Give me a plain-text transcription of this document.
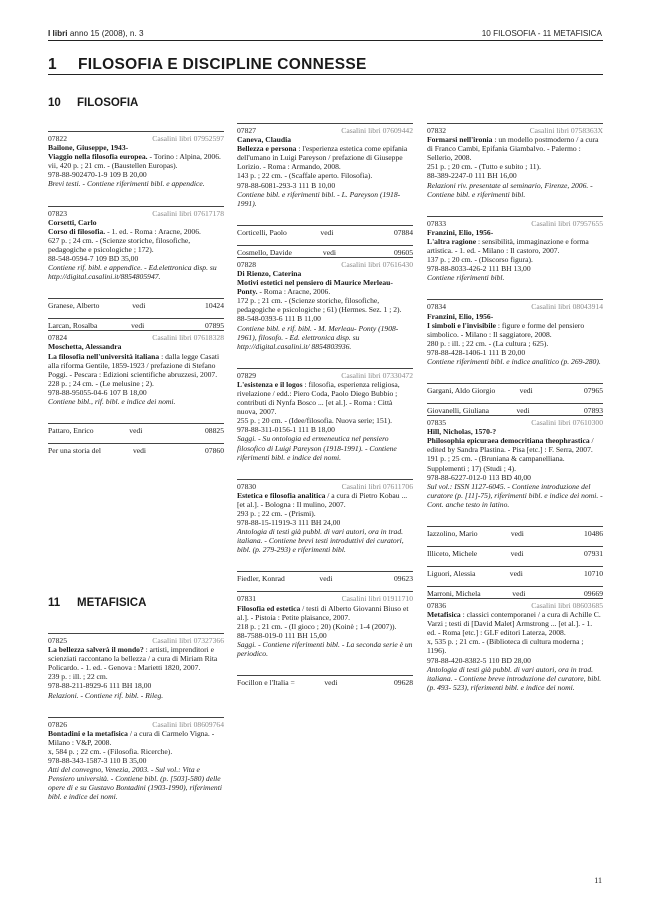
I libri anno 15 (2008), n. 3	10 FILOSOFIA - 11 METAFISICA
1 FILOSOFIA E DISCIPLINE CONNESSE
10 FILOSOFIA
07822	Casalini libri 07952597

Bailone, Giuseppe, 1943-

Viaggio nella filosofia europea. - Torino : Alpina, 2006.

vii, 420 p. ; 21 cm. - (Baustellen Europas).

978-88-902470-1-9 109 B 20,00

Brevi testi. - Contiene riferimenti bibl. e appendice.

07823	Casalini libri 07617178

Corsetti, Carlo

Corso di filosofia. - 1. ed. - Roma : Aracne, 2006.

627 p. ; 24 cm. - (Scienze storiche, filosofiche, pedagogiche e psicologiche ; 172).

88-548-0594-7 109 BD 35,00

Contiene rif. bibl. e appendice. - Ed.elettronica disp. su http://digital.casalini.it/8854805947.

Granese, Alberto	vedi	10424
Larcan, Rosalba	vedi	07895
07824	Casalini libri 07618328

Moschetta, Alessandra

La filosofia nell'università italiana : dalla legge Casati alla riforma Gentile, 1859-1923 / prefazione di Stefano Poggi. - Pescara : Edizioni scientifiche abruzzesi, 2007.

228 p. ; 24 cm. - (Le melusine ; 2).

978-88-95055-04-6 107 B 18,00

Contiene bibl., rif. bibl. e indice dei nomi.

Pattaro, Enrico	vedi	08825
Per una storia del	vedi	07860
11 METAFISICA
07825	Casalini libri 07327366

La bellezza salverà il mondo? : artisti, imprenditori e scienziati raccontano la bellezza / a cura di Miriam Rita Policardo. - 1. ed. - Genova : Marietti 1820, 2007.

239 p. : ill. ; 22 cm.

978-88-211-8929-6 111 BH 18,00

Relazioni. - Contiene rif. bibl. - Rileg.

07826	Casalini libri 08609764

Bontadini e la metafisica / a cura di Carmelo Vigna. - Milano : V&P, 2008.

x, 584 p. ; 22 cm. - (Filosofia. Ricerche).

978-88-343-1587-3 110 B 35,00

Atti del convegno, Venezia, 2003. - Sul vol.: Vita e Pensiero università. - Contiene bibl. (p. [503]-580) delle opere di e su Gustavo Bontadini (1903-1990), riferimenti bibl. e indice dei nomi.

07827	Casalini libri 07609442

Caneva, Claudia

Bellezza e persona : l'esperienza estetica come epifania dell'umano in Luigi Pareyson / prefazione di Giuseppe Lorizio. - Roma : Armando, 2008.

143 p. ; 22 cm. - (Scaffale aperto. Filosofia).

978-88-6081-293-3 111 B 10,00

Contiene bibl. e riferimenti bibl. - L. Pareyson (1918-1991).

Corticelli, Paolo	vedi	07884
Cosmello, Davide	vedi	09605
07828	Casalini libri 07616430

Di Rienzo, Caterina

Motivi estetici nel pensiero di Maurice Merleau-Ponty. - Roma : Aracne, 2006.

172 p. ; 21 cm. - (Scienze storiche, filosofiche, pedagogiche e psicologiche ; 61) (Hermes. Sez. 1 ; 2).

88-548-0393-6 111 B 11,00

Contiene bibl. e rif. bibl. - M. Merleau- Ponty (1908-1961), filosofo. - Ed. elettronica disp. su http://digital.casalini.it/ 8854803936.

07829	Casalini libri 07330472

L'esistenza e il logos : filosofia, esperienza religiosa, rivelazione / edd.: Piero Coda, Paolo Diego Bubbio ; contributi di Nynfa Bosco ... [et al.]. - Roma : Città nuova, 2007.

255 p. ; 20 cm. - (Idee/filosofia. Nuova serie; 151).

978-88-311-0156-1 111 B 18,00

Saggi. - Su ontologia ed ermeneutica nel pensiero filosofico di Luigi Pareyson (1918-1991). - Contiene riferimenti bibl. e indice dei nomi.

07830	Casalini libri 07611706

Estetica e filosofia analitica / a cura di Pietro Kobau ... [et al.]. - Bologna : Il mulino, 2007.

293 p. ; 22 cm. - (Prismi).

978-88-15-11919-3 111 BH 24,00

Antologia di testi già pubbl. di vari autori, ora in trad. italiana. - Contiene brevi testi introduttivi dei curatori, bibl. (p. 279-293) e riferimenti bibl.

Fiedler, Konrad	vedi	09623
07831	Casalini libri 01911710

Filosofia ed estetica / testi di Alberto Giovanni Biuso et al.]. - Pistoia : Petite plaisance, 2007.

218 p. ; 21 cm. - (Il gioco ; 20) (Koinè ; 1-4 (2007)).

88-7588-019-0 111 BH 15,00

Saggi. - Contiene riferimenti bibl. - La seconda serie è un periodico.

Focillon e l'Italia =	vedi	09628
07832	Casalini libri 0758363X

Formarsi nell'ironia : un modello postmoderno / a cura di Franco Cambi, Epifania Giambalvo. - Palermo : Sellerio, 2008.

251 p. ; 20 cm. - (Tutto e subito ; 11).

88-389-2247-0 111 BH 16,00

Relazioni riv. presentate al seminario, Firenze, 2006. - Contiene bibl. e riferimenti bibl.

07833	Casalini libri 07957655

Franzini, Elio, 1956-

L'altra ragione : sensibilità, immaginazione e forma artistica. - 1. ed. - Milano : Il castoro, 2007.

137 p. ; 20 cm. - (Discorso figura).

978-88-8033-426-2 111 BH 13,00

Contiene riferimenti bibl.

07834	Casalini libri 08043914

Franzini, Elio, 1956-

I simboli e l'invisibile : figure e forme del pensiero simbolico. - Milano : Il saggiatore, 2008.

280 p. : ill. ; 22 cm. - (La cultura ; 625).

978-88-428-1406-1 111 B 20,00

Contiene riferimenti bibl. e indice analitico (p. 269-280).

Gargani, Aldo Giorgio	vedi	07965
Giovanelli, Giuliana	vedi	07893
07835	Casalini libri 07610300

Hill, Nicholas, 1570-?

Philosophia epicuraea democritiana theophrastica / edited by Sandra Plastina. - Pisa [etc.] : F. Serra, 2007.

191 p. ; 25 cm. - (Bruniana & campanelliana. Supplementi ; 17) (Studi ; 4).

978-88-6227-012-0 113 BD 40,00

Sul vol.: ISSN 1127-6045. - Contiene introduzione del curatore (p. [11]-75), riferimenti bibl. e indice dei nomi. - Cont. anche testo in latino.

Iazzolino, Mario	vedi	10486
Illiceto, Michele	vedi	07931
Liguori, Alessia	vedi	10710
Marroni, Michela	vedi	09669
07836	Casalini libri 08603685

Metafisica : classici contemporanei / a cura di Achille C. Varzi ; testi di [David Malet] Armstrong ... [et al.]. - 1. ed. - Roma [etc.] : GLF editori Laterza, 2008.

x, 535 p. ; 21 cm. - (Biblioteca di cultura moderna ; 1196).

978-88-420-8382-5 110 BD 28,00

Antologia di testi già pubbl. di vari autori, ora in trad. italiana. - Contiene breve introduzione del curatore, bibl. (p. 493- 523), riferimenti bibl. e indice dei nomi.

11
